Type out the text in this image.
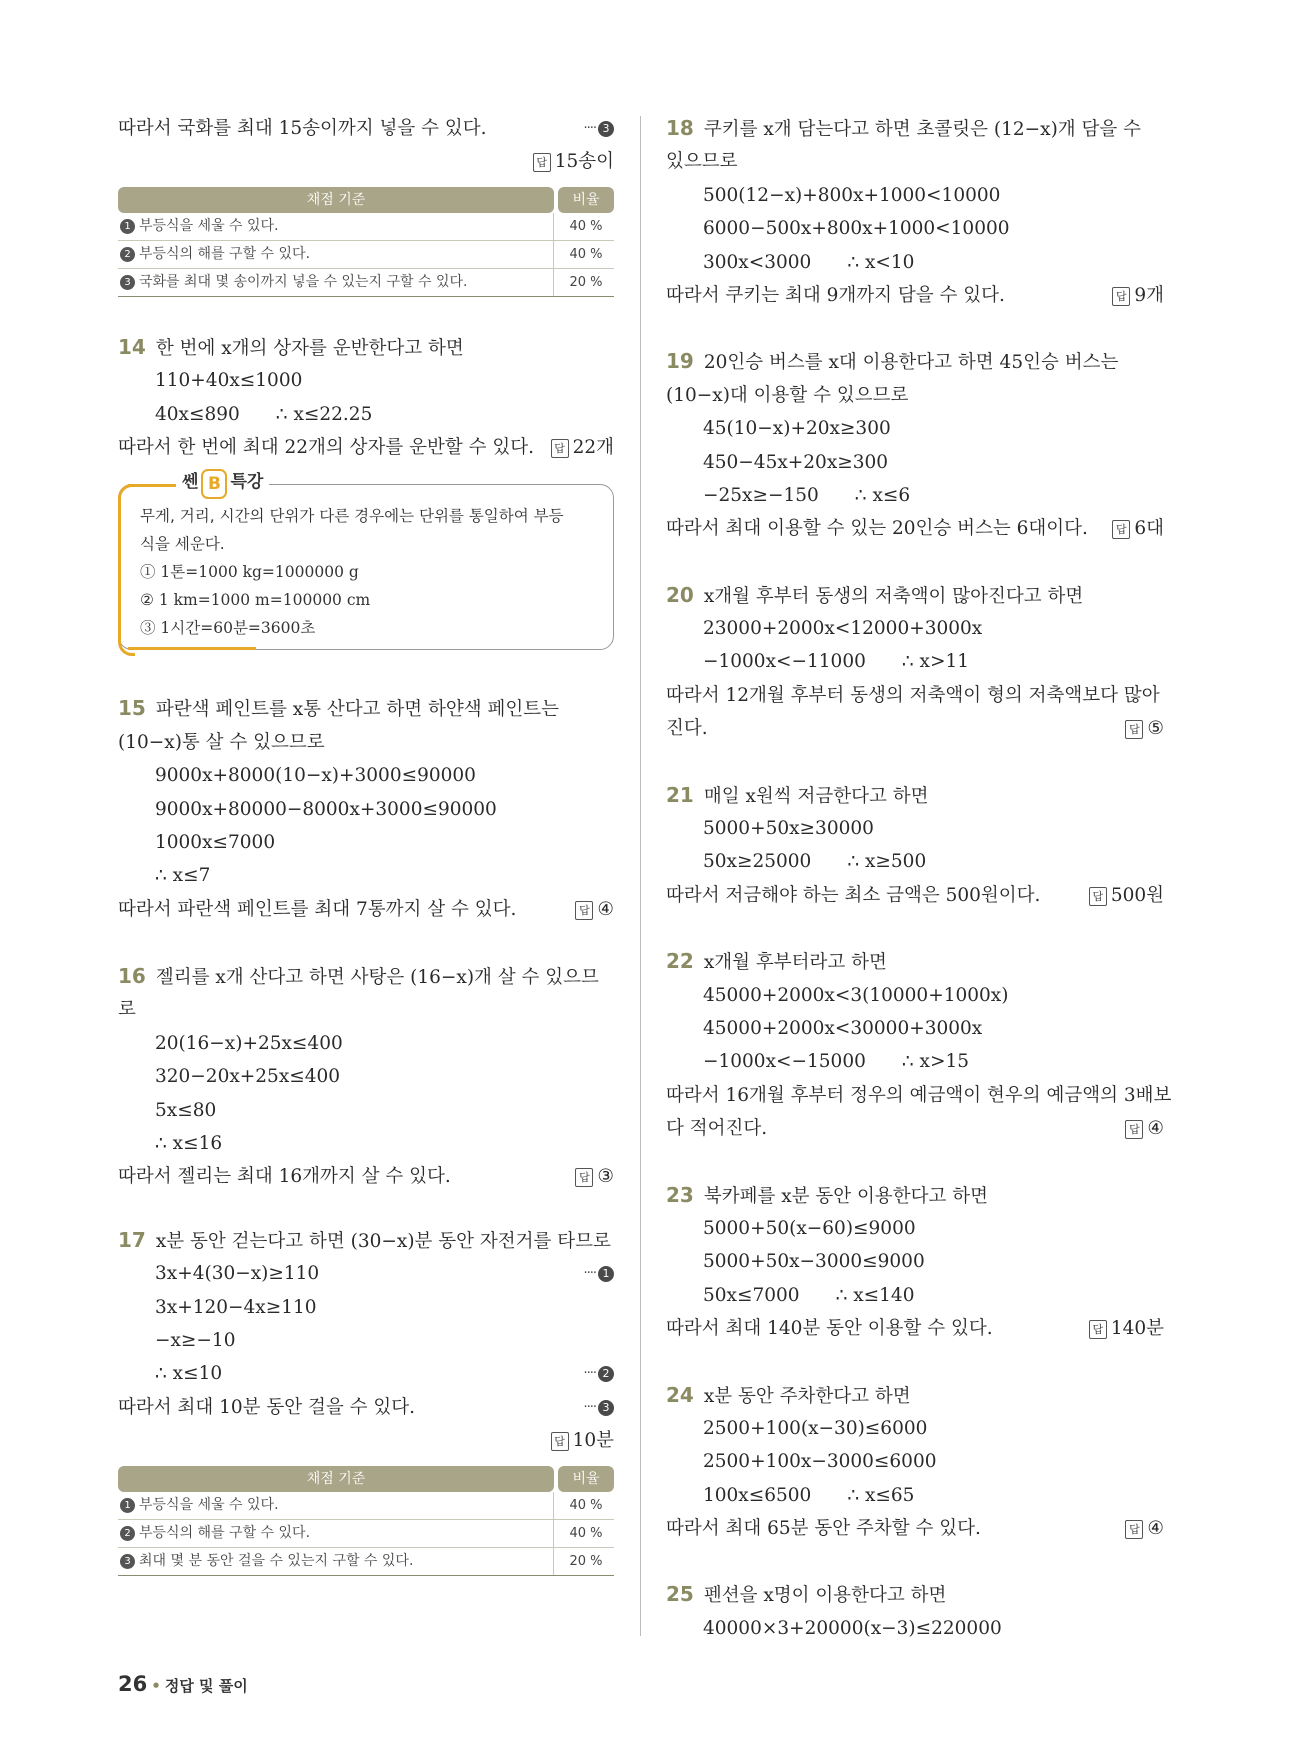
따라서 국화를 최대 15송이까지 넣을 수 있다.	···· 3
답 15송이
채점 기준	비율
1 부등식을 세울 수 있다.	40 %
2 부등식의 해를 구할 수 있다.	40 %
3 국화를 최대 몇 송이까지 넣을 수 있는지 구할 수 있다.	20 %
14 한 번에 x개의 상자를 운반한다고 하면
110+40x≤1000
40x≤890 ∴ x≤22.25
따라서 한 번에 최대 22개의 상자를 운반할 수 있다.	답 22개
쎈 B 특강
무게, 거리, 시간의 단위가 다른 경우에는 단위를 통일하여 부등
식을 세운다.
① 1톤=1000 kg=1000000 g
② 1 km=1000 m=100000 cm
③ 1시간=60분=3600초
15 파란색 페인트를 x통 산다고 하면 하얀색 페인트는
(10−x)통 살 수 있으므로
9000x+8000(10−x)+3000≤90000
9000x+80000−8000x+3000≤90000
1000x≤7000
∴ x≤7
따라서 파란색 페인트를 최대 7통까지 살 수 있다.	답 ④
16 젤리를 x개 산다고 하면 사탕은 (16−x)개 살 수 있으므
로
20(16−x)+25x≤400
320−20x+25x≤400
5x≤80
∴ x≤16
따라서 젤리는 최대 16개까지 살 수 있다.	답 ③
17 x분 동안 걷는다고 하면 (30−x)분 동안 자전거를 타므로
3x+4(30−x)≥110	···· 1
3x+120−4x≥110
−x≥−10
∴ x≤10	···· 2
따라서 최대 10분 동안 걸을 수 있다.	···· 3
답 10분
채점 기준	비율
1 부등식을 세울 수 있다.	40 %
2 부등식의 해를 구할 수 있다.	40 %
3 최대 몇 분 동안 걸을 수 있는지 구할 수 있다.	20 %
18 쿠키를 x개 담는다고 하면 초콜릿은 (12−x)개 담을 수
있으므로
500(12−x)+800x+1000<10000
6000−500x+800x+1000<10000
300x<3000 ∴ x<10
따라서 쿠키는 최대 9개까지 담을 수 있다.	답 9개
19 20인승 버스를 x대 이용한다고 하면 45인승 버스는
(10−x)대 이용할 수 있으므로
45(10−x)+20x≥300
450−45x+20x≥300
−25x≥−150 ∴ x≤6
따라서 최대 이용할 수 있는 20인승 버스는 6대이다.	답 6대
20 x개월 후부터 동생의 저축액이 많아진다고 하면
23000+2000x<12000+3000x
−1000x<−11000 ∴ x>11
따라서 12개월 후부터 동생의 저축액이 형의 저축액보다 많아
진다.	답 ⑤
21 매일 x원씩 저금한다고 하면
5000+50x≥30000
50x≥25000 ∴ x≥500
따라서 저금해야 하는 최소 금액은 500원이다.	답 500원
22 x개월 후부터라고 하면
45000+2000x<3(10000+1000x)
45000+2000x<30000+3000x
−1000x<−15000 ∴ x>15
따라서 16개월 후부터 정우의 예금액이 현우의 예금액의 3배보
다 적어진다.	답 ④
23 북카페를 x분 동안 이용한다고 하면
5000+50(x−60)≤9000
5000+50x−3000≤9000
50x≤7000 ∴ x≤140
따라서 최대 140분 동안 이용할 수 있다.	답 140분
24 x분 동안 주차한다고 하면
2500+100(x−30)≤6000
2500+100x−3000≤6000
100x≤6500 ∴ x≤65
따라서 최대 65분 동안 주차할 수 있다.	답 ④
25 펜션을 x명이 이용한다고 하면
40000×3+20000(x−3)≤220000
26 • 정답 및 풀이
